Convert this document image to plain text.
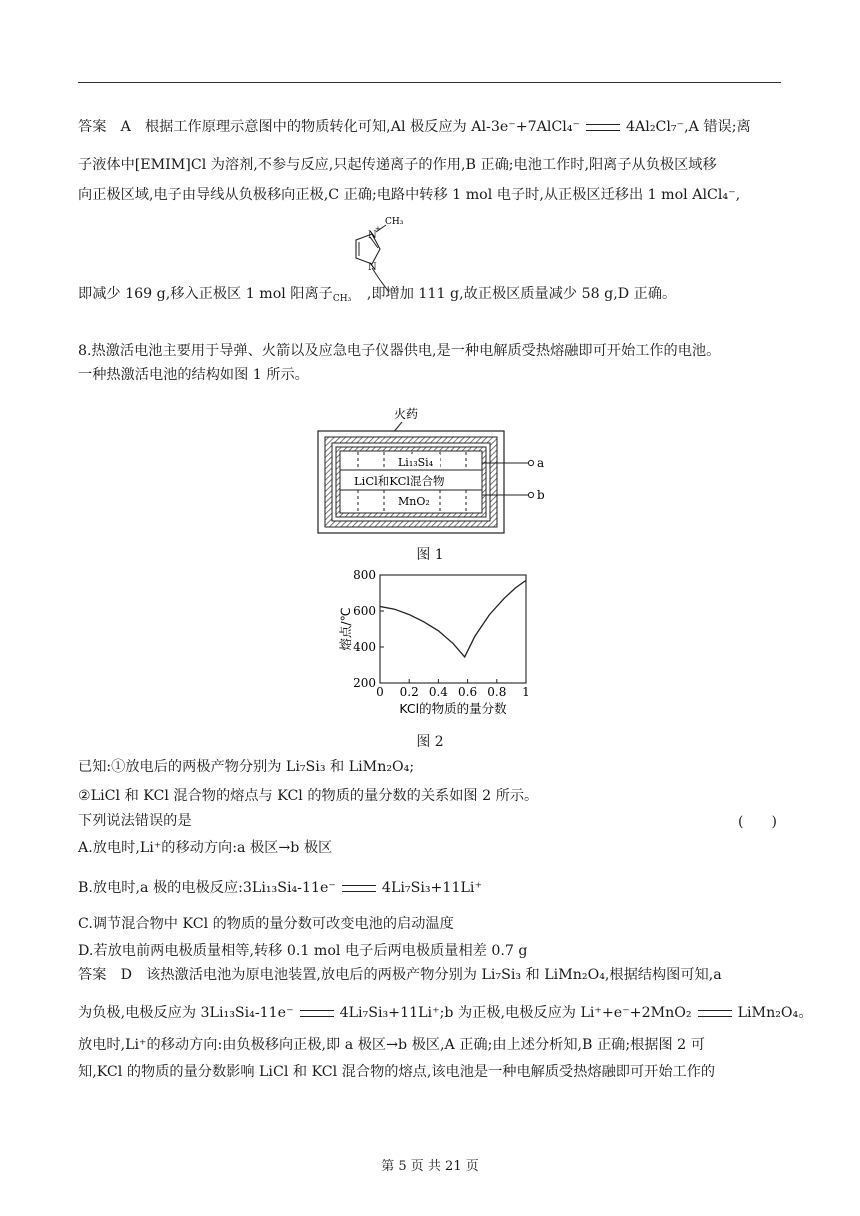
答案　A　根据工作原理示意图中的物质转化可知,Al 极反应为 Al-3e⁻+7AlCl₄⁻	4Al₂Cl₇⁻,A 错误;离
子液体中[EMIM]Cl 为溶剂,不参与反应,只起传递离子的作用,B 正确;电池工作时,阳离子从负极区域移
向正极区域,电子由导线从负极移向正极,C 正确;电路中转移 1 mol 电子时,从正极区迁移出 1 mol AlCl₄⁻,
N
+
N
CH₃
即减少 169 g,移入正极区 1 mol 阳离子CH₃ ,即增加 111 g,故正极区质量减少 58 g,D 正确。
8.热激活电池主要用于导弹、火箭以及应急电子仪器供电,是一种电解质受热熔融即可开始工作的电池。
一种热激活电池的结构如图 1 所示。
火药
Li₁₃Si₄
LiCl和KCl混合物
MnO₂
a
b
图 1
200
400
600
800
0 0.2 0.4 0.6 0.8 1
KCl的物质的量分数
熔点/℃
图 2
已知:①放电后的两极产物分别为 Li₇Si₃ 和 LiMn₂O₄;
②LiCl 和 KCl 混合物的熔点与 KCl 的物质的量分数的关系如图 2 所示。
下列说法错误的是	(　　)
A.放电时,Li⁺的移动方向:a 极区→b 极区
B.放电时,a 极的电极反应:3Li₁₃Si₄-11e⁻	4Li₇Si₃+11Li⁺
C.调节混合物中 KCl 的物质的量分数可改变电池的启动温度
D.若放电前两电极质量相等,转移 0.1 mol 电子后两电极质量相差 0.7 g
答案　D　该热激活电池为原电池装置,放电后的两极产物分别为 Li₇Si₃ 和 LiMn₂O₄,根据结构图可知,a
为负极,电极反应为 3Li₁₃Si₄-11e⁻	4Li₇Si₃+11Li⁺;b 为正极,电极反应为 Li⁺+e⁻+2MnO₂	LiMn₂O₄。
放电时,Li⁺的移动方向:由负极移向正极,即 a 极区→b 极区,A 正确;由上述分析知,B 正确;根据图 2 可
知,KCl 的物质的量分数影响 LiCl 和 KCl 混合物的熔点,该电池是一种电解质受热熔融即可开始工作的
第 5 页 共 21 页
